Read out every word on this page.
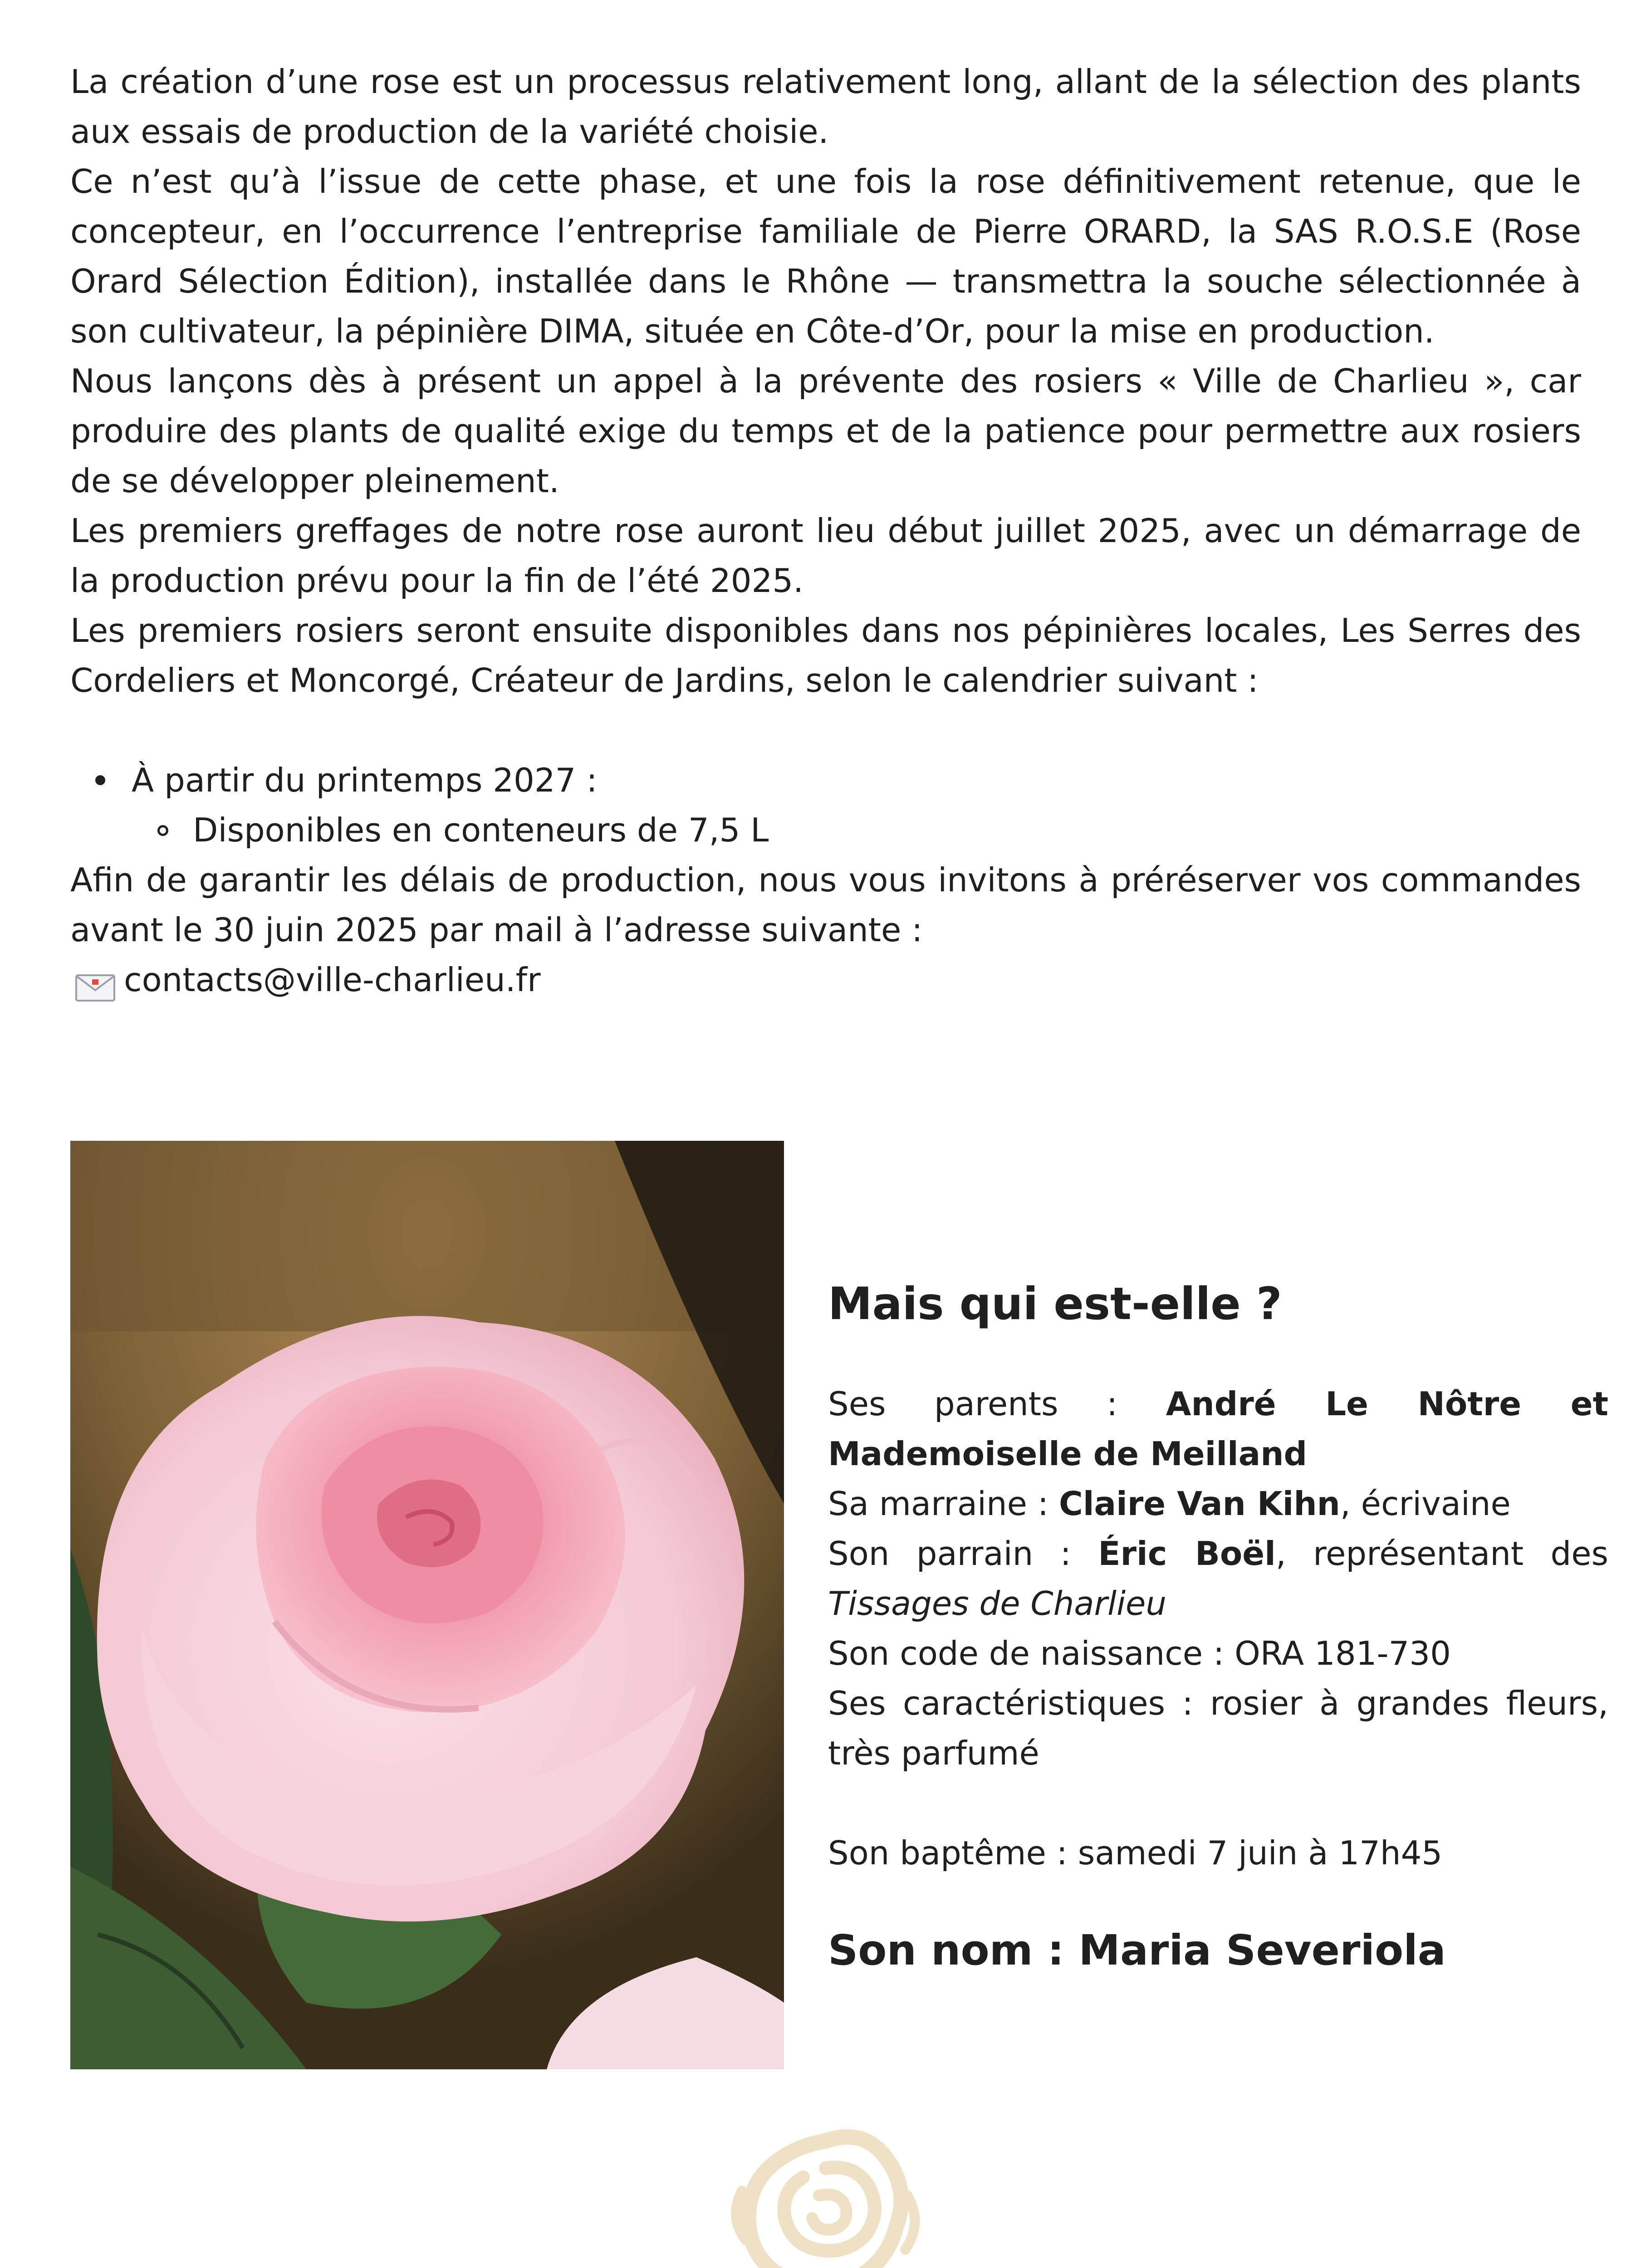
La création d’une rose est un processus relativement long, allant de la sélection des plants aux essais de production de la variété choisie.

Ce n’est qu’à l’issue de cette phase, et une fois la rose définitivement retenue, que le concepteur, en l’occurrence l’entreprise familiale de Pierre ORARD, la SAS R.O.S.E (Rose Orard Sélection Édition), installée dans le Rhône — transmettra la souche sélectionnée à son cultivateur, la pépinière DIMA, située en Côte-d’Or, pour la mise en production.

Nous lançons dès à présent un appel à la prévente des rosiers « Ville de Charlieu », car produire des plants de qualité exige du temps et de la patience pour permettre aux rosiers de se développer pleinement.

Les premiers greffages de notre rose auront lieu début juillet 2025, avec un démarrage de la production prévu pour la fin de l’été 2025.

Les premiers rosiers seront ensuite disponibles dans nos pépinières locales, Les Serres des Cordeliers et Moncorgé, Créateur de Jardins, selon le calendrier suivant :

À partir du printemps 2027 :
Disponibles en conteneurs de 7,5 L

Afin de garantir les délais de production, nous vous invitons à préréserver vos commandes avant le 30 juin 2025 par mail à l’adresse suivante :

contacts@ville-charlieu.fr
Mais qui est-elle ?

Ses parents : André Le Nôtre et Mademoiselle de Meilland

Sa marraine : Claire Van Kihn, écrivaine

Son parrain : Éric Boël, représentant des Tissages de Charlieu

Son code de naissance : ORA 181-730

Ses caractéristiques : rosier à grandes fleurs, très parfumé

Son baptême : samedi 7 juin à 17h45

Son nom : Maria Severiola
